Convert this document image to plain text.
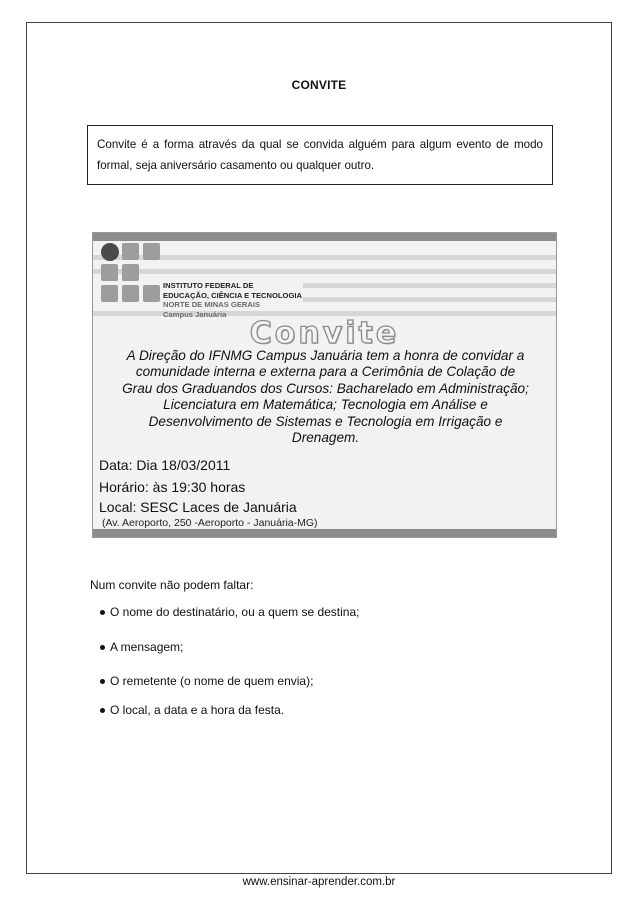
CONVITE
Convite é a forma através da qual se convida alguém para algum evento de modo formal, seja aniversário casamento ou qualquer outro.
INSTITUTO FEDERAL DE
EDUCAÇÃO, CIÊNCIA E TECNOLOGIA
NORTE DE MINAS GERAIS
Campus Januária
Convite
A Direção do IFNMG Campus Januária tem a honra de convidar a
comunidade interna e externa para a Cerimônia de Colação de
Grau dos Graduandos dos Cursos: Bacharelado em Administração;
Licenciatura em Matemática; Tecnologia em Análise e
Desenvolvimento de Sistemas e Tecnologia em Irrigação e
Drenagem.
Data: Dia 18/03/2011
Horário: às 19:30 horas
Local: SESC Laces de Januária
(Av. Aeroporto, 250 -Aeroporto - Januária-MG)
Num convite não podem faltar:
O nome do destinatário, ou a quem se destina;
A mensagem;
O remetente (o nome de quem envia);
O local, a data e a hora da festa.
www.ensinar-aprender.com.br
